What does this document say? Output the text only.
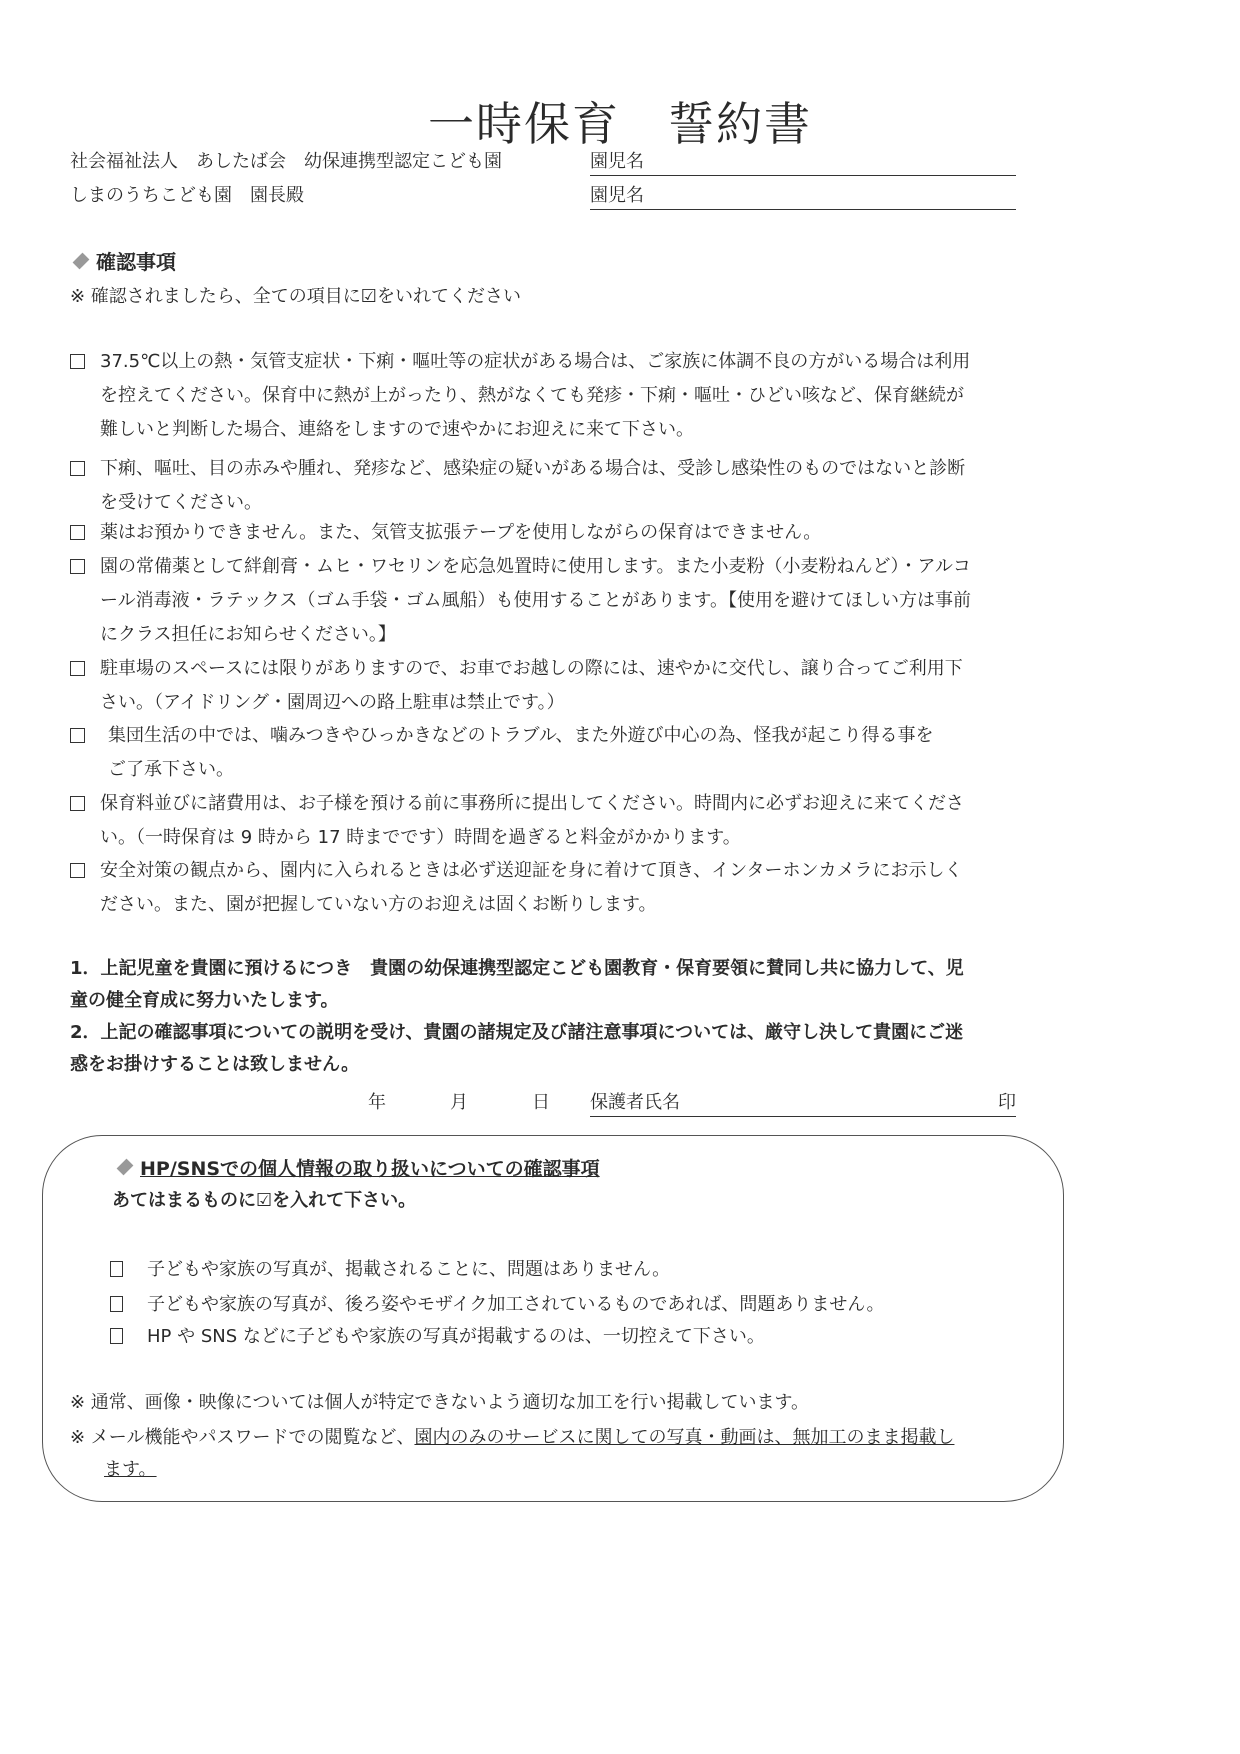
一時保育　誓約書
社会福祉法人　あしたば会　幼保連携型認定こども園
しまのうちこども園　園長殿
園児名
園児名
確認事項
※ 確認されましたら、全ての項目に☑をいれてください
37.5℃以上の熱・気管支症状・下痢・嘔吐等の症状がある場合は、ご家族に体調不良の方がいる場合は利用
を控えてください。保育中に熱が上がったり、熱がなくても発疹・下痢・嘔吐・ひどい咳など、保育継続が
難しいと判断した場合、連絡をしますので速やかにお迎えに来て下さい。
下痢、嘔吐、目の赤みや腫れ、発疹など、感染症の疑いがある場合は、受診し感染性のものではないと診断
を受けてください。
薬はお預かりできません。また、気管支拡張テープを使用しながらの保育はできません。
園の常備薬として絆創膏・ムヒ・ワセリンを応急処置時に使用します。また小麦粉（小麦粉ねんど）・アルコ
ール消毒液・ラテックス（ゴム手袋・ゴム風船）も使用することがあります。【使用を避けてほしい方は事前
にクラス担任にお知らせください。】
駐車場のスペースには限りがありますので、お車でお越しの際には、速やかに交代し、譲り合ってご利用下
さい。（アイドリング・園周辺への路上駐車は禁止です。）
集団生活の中では、噛みつきやひっかきなどのトラブル、また外遊び中心の為、怪我が起こり得る事を
ご了承下さい。
保育料並びに諸費用は、お子様を預ける前に事務所に提出してください。時間内に必ずお迎えに来てくださ
い。（一時保育は 9 時から 17 時までです）時間を過ぎると料金がかかります。
安全対策の観点から、園内に入られるときは必ず送迎証を身に着けて頂き、インターホンカメラにお示しく
ださい。また、園が把握していない方のお迎えは固くお断りします。
1．上記児童を貴園に預けるにつき　貴園の幼保連携型認定こども園教育・保育要領に賛同し共に協力して、児
童の健全育成に努力いたします。
2．上記の確認事項についての説明を受け、貴園の諸規定及び諸注意事項については、厳守し決して貴園にご迷
惑をお掛けすることは致しません。
年	月	日 保護者氏名	印
HP/SNSでの個人情報の取り扱いについての確認事項
あてはまるものに☑を入れて下さい。
子どもや家族の写真が、掲載されることに、問題はありません。
子どもや家族の写真が、後ろ姿やモザイク加工されているものであれば、問題ありません。
HP や SNS などに子どもや家族の写真が掲載するのは、一切控えて下さい。
※ 通常、画像・映像については個人が特定できないよう適切な加工を行い掲載しています。
※ メール機能やパスワードでの閲覧など、園内のみのサービスに関しての写真・動画は、無加工のまま掲載し
ます。
